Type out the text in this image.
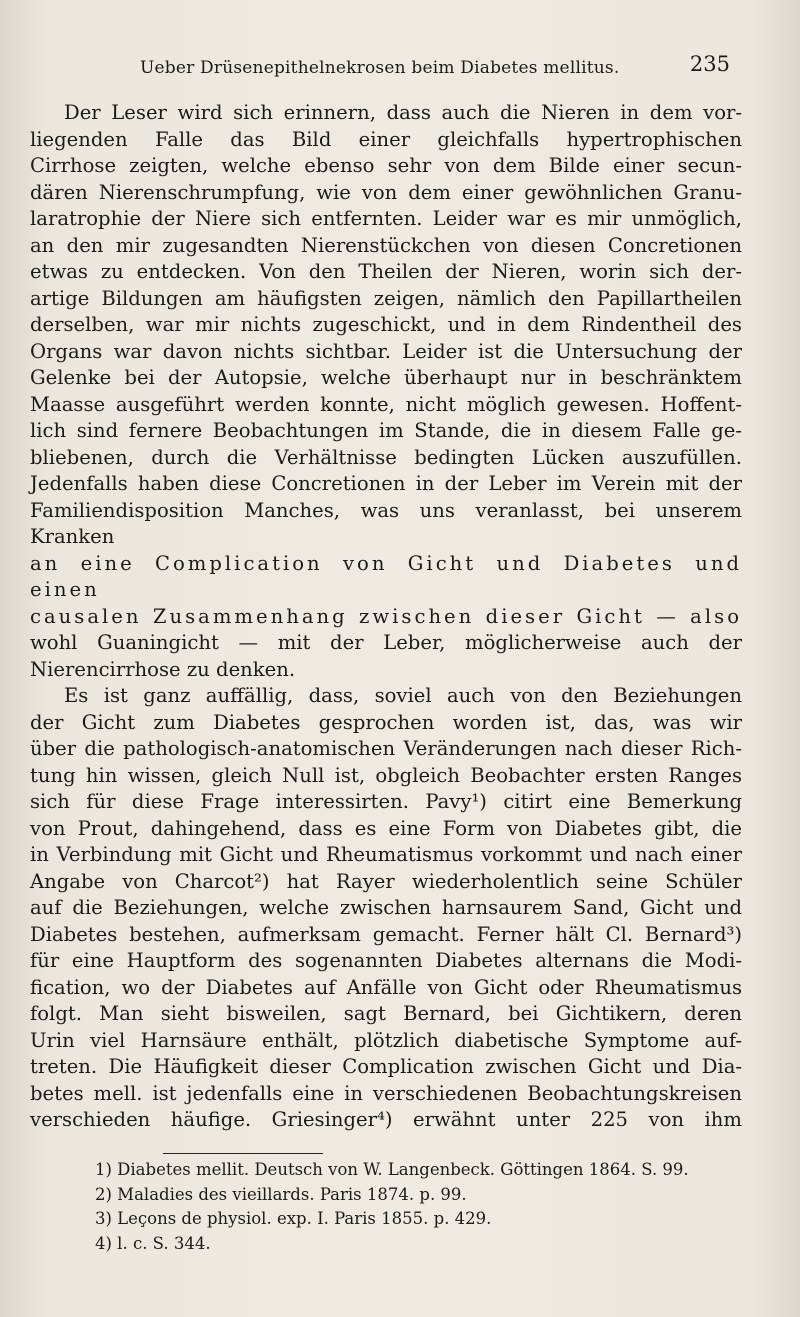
Ueber Drüsenepithelnekrosen beim Diabetes mellitus.	235

Der Leser wird sich erinnern, dass auch die Nieren in dem vor-

liegenden Falle das Bild einer gleichfalls hypertrophischen

Cirrhose zeigten, welche ebenso sehr von dem Bilde einer secun-

dären Nierenschrumpfung, wie von dem einer gewöhnlichen Granu-

laratrophie der Niere sich entfernten. Leider war es mir unmöglich,

an den mir zugesandten Nierenstückchen von diesen Concretionen

etwas zu entdecken. Von den Theilen der Nieren, worin sich der-

artige Bildungen am häufigsten zeigen, nämlich den Papillartheilen

derselben, war mir nichts zugeschickt, und in dem Rindentheil des

Organs war davon nichts sichtbar. Leider ist die Untersuchung der

Gelenke bei der Autopsie, welche überhaupt nur in beschränktem

Maasse ausgeführt werden konnte, nicht möglich gewesen. Hoffent-

lich sind fernere Beobachtungen im Stande, die in diesem Falle ge-

bliebenen, durch die Verhältnisse bedingten Lücken auszufüllen.

Jedenfalls haben diese Concretionen in der Leber im Verein mit der

Familiendisposition Manches, was uns veranlasst, bei unserem Kranken

an eine Complication von Gicht und Diabetes und einen

causalen Zusammenhang zwischen dieser Gicht — also

wohl Guaningicht — mit der Leber, möglicherweise auch der

Nierencirrhose zu denken.

Es ist ganz auffällig, dass, soviel auch von den Beziehungen

der Gicht zum Diabetes gesprochen worden ist, das, was wir

über die pathologisch-anatomischen Veränderungen nach dieser Rich-

tung hin wissen, gleich Null ist, obgleich Beobachter ersten Ranges

sich für diese Frage interessirten. Pavy¹) citirt eine Bemerkung

von Prout, dahingehend, dass es eine Form von Diabetes gibt, die

in Verbindung mit Gicht und Rheumatismus vorkommt und nach einer

Angabe von Charcot²) hat Rayer wiederholentlich seine Schüler

auf die Beziehungen, welche zwischen harnsaurem Sand, Gicht und

Diabetes bestehen, aufmerksam gemacht. Ferner hält Cl. Bernard³)

für eine Hauptform des sogenannten Diabetes alternans die Modi-

fication, wo der Diabetes auf Anfälle von Gicht oder Rheumatismus

folgt. Man sieht bisweilen, sagt Bernard, bei Gichtikern, deren

Urin viel Harnsäure enthält, plötzlich diabetische Symptome auf-

treten. Die Häufigkeit dieser Complication zwischen Gicht und Dia-

betes mell. ist jedenfalls eine in verschiedenen Beobachtungskreisen

verschieden häufige. Griesinger⁴) erwähnt unter 225 von ihm

1) Diabetes mellit. Deutsch von W. Langenbeck. Göttingen 1864. S. 99.
2) Maladies des vieillards. Paris 1874. p. 99.
3) Leçons de physiol. exp. I. Paris 1855. p. 429.
4) l. c. S. 344.
